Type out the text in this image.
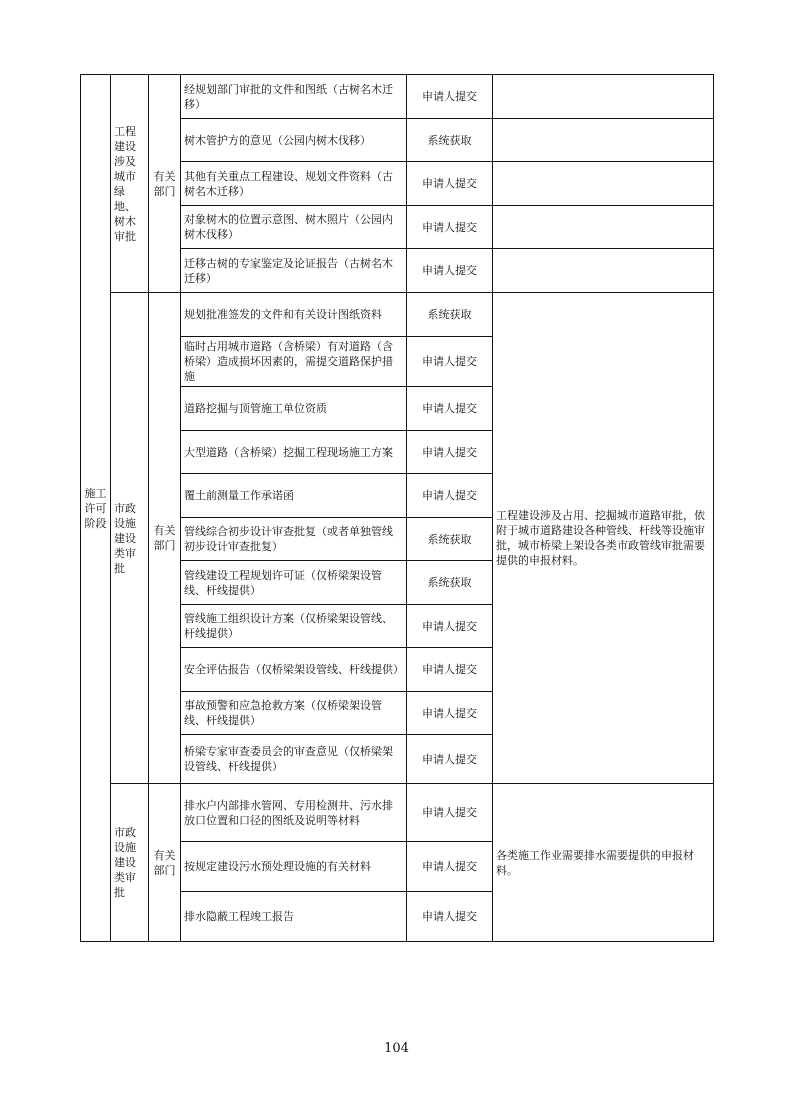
施工许可阶段	工程建设涉及城市绿地、树木审批	有关部门	经规划部门审批的文件和图纸（古树名木迁移）	申请人提交	
			树木管护方的意见（公园内树木伐移）	系统获取	
			其他有关重点工程建设、规划文件资料（古树名木迁移）	申请人提交	
			对象树木的位置示意图、树木照片（公园内树木伐移）	申请人提交	
			迁移古树的专家鉴定及论证报告（古树名木迁移）	申请人提交	
	市政设施建设类审批	有关部门	规划批准签发的文件和有关设计图纸资料	系统获取	工程建设涉及占用、挖掘城市道路审批，依附于城市道路建设各种管线、杆线等设施审批，城市桥梁上架设各类市政管线审批需要提供的申报材料。
			临时占用城市道路（含桥梁）有对道路（含桥梁）造成损坏因素的，需提交道路保护措施	申请人提交	
			道路挖掘与顶管施工单位资质	申请人提交	
			大型道路（含桥梁）挖掘工程现场施工方案	申请人提交	
			覆土前测量工作承诺函	申请人提交	
			管线综合初步设计审查批复（或者单独管线初步设计审查批复）	系统获取	
			管线建设工程规划许可证（仅桥梁架设管线、杆线提供）	系统获取	
			管线施工组织设计方案（仅桥梁架设管线、杆线提供）	申请人提交	
			安全评估报告（仅桥梁架设管线、杆线提供）	申请人提交	
			事故预警和应急抢救方案（仅桥梁架设管线、杆线提供）	申请人提交	
			桥梁专家审查委员会的审查意见（仅桥梁架设管线、杆线提供）	申请人提交	
	市政设施建设类审批	有关部门	排水户内部排水管网、专用检测井、污水排放口位置和口径的图纸及说明等材料	申请人提交	各类施工作业需要排水需要提供的申报材料。
			按规定建设污水预处理设施的有关材料	申请人提交	
			排水隐蔽工程竣工报告	申请人提交	
104
